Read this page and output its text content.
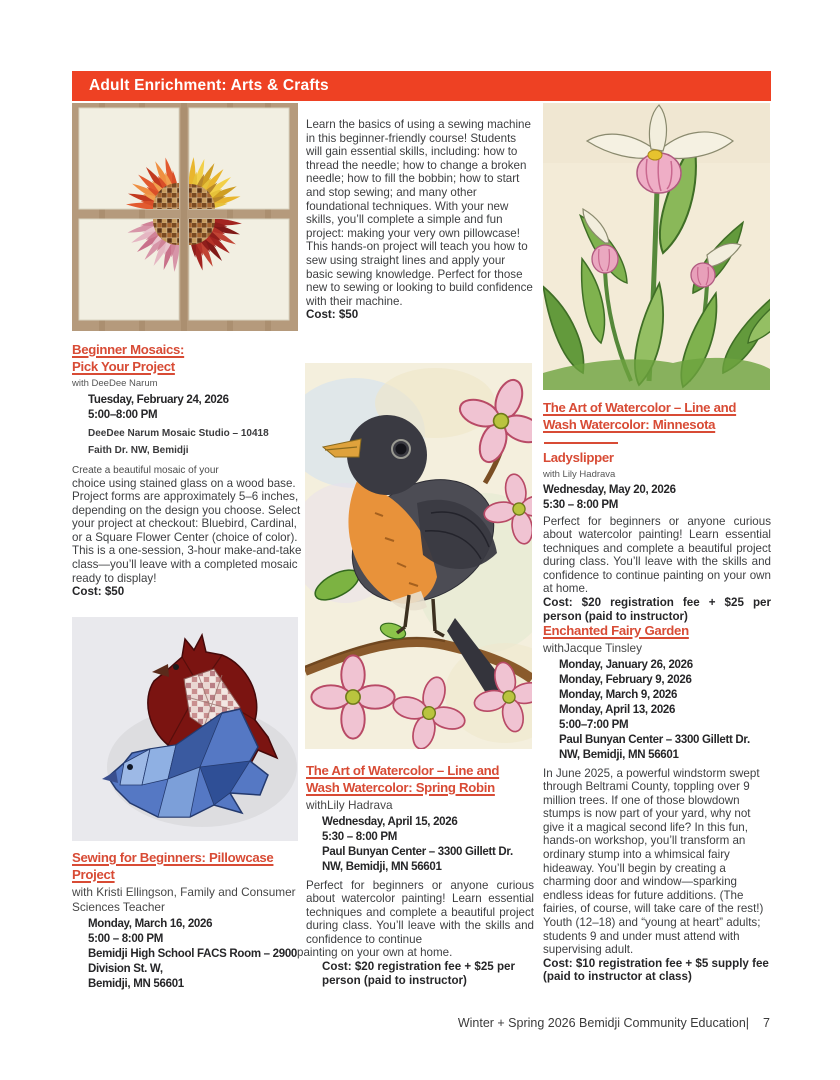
Adult Enrichment: Arts & Crafts
Beginner Mosaics:
Pick Your Project
with DeeDee Narum
Tuesday, February 24, 2026
5:00–8:00 PM
DeeDee Narum Mosaic Studio – 10418
Faith Dr. NW, Bemidji
Create a beautiful mosaic of your
choice using stained glass on a wood base. Project forms are approximately 5–6 inches, depending on the design you choose. Select your project at checkout: Bluebird, Cardinal, or a Square Flower Center (choice of color).
This is a one-session, 3-hour make-and-take class—you’ll leave with a completed mosaic ready to display!
Cost: $50
Sewing for Beginners: Pillowcase
Project
with Kristi Ellingson, Family and Consumer Sciences Teacher
Monday, March 16, 2026
5:00 – 8:00 PM
Bemidji High School FACS Room – 2900
Division St. W,
Bemidji, MN 56601
Learn the basics of using a sewing machine in this beginner-friendly course! Students will gain essential skills, including: how to thread the needle; how to change a broken needle; how to fill the bobbin; how to start and stop sewing; and many other foundational techniques. With your new skills, you’ll complete a simple and fun project: making your very own pillowcase! This hands-on project will teach you how to sew using straight lines and apply your basic sewing knowledge. Perfect for those new to sewing or looking to build confidence with their machine.
Cost: $50
The Art of Watercolor – Line and
Wash Watercolor: Spring Robin
withLily Hadrava
Wednesday, April 15, 2026
5:30 – 8:00 PM
Paul Bunyan Center – 3300 Gillett Dr.
NW, Bemidji, MN 56601
Perfect for beginners or anyone curious about watercolor painting! Learn essential techniques and complete a beautiful project during class. You’ll leave with the skills and confidence to continue
painting on your own at home.
Cost: $20 registration fee + $25 per person (paid to instructor)
The Art of Watercolor – Line and
Wash Watercolor: Minnesota
Ladyslipper
with Lily Hadrava
Wednesday, May 20, 2026
5:30 – 8:00 PM
Perfect for beginners or anyone curious about watercolor painting! Learn essential techniques and complete a beautiful project during class. You’ll leave with the skills and confidence to continue painting on your own at home.
Cost: $20 registration fee + $25 per person (paid to instructor)
Enchanted Fairy Garden
withJacque Tinsley
Monday, January 26, 2026
Monday, February 9, 2026
Monday, March 9, 2026
Monday, April 13, 2026
5:00–7:00 PM
Paul Bunyan Center – 3300 Gillett Dr.
NW, Bemidji, MN 56601
In June 2025, a powerful windstorm swept through Beltrami County, toppling over 9 million trees. If one of those blowdown stumps is now part of your yard, why not give it a magical second life? In this fun, hands-on workshop, you’ll transform an ordinary stump into a whimsical fairy hideaway. You’ll begin by creating a charming door and window—sparking endless ideas for future additions. (The fairies, of course, will take care of the rest!) Youth (12–18) and “young at heart” adults; students 9 and under must attend with supervising adult.
Cost: $10 registration fee + $5 supply fee (paid to instructor at class)
Winter + Spring 2026 Bemidji Community Education| 7
